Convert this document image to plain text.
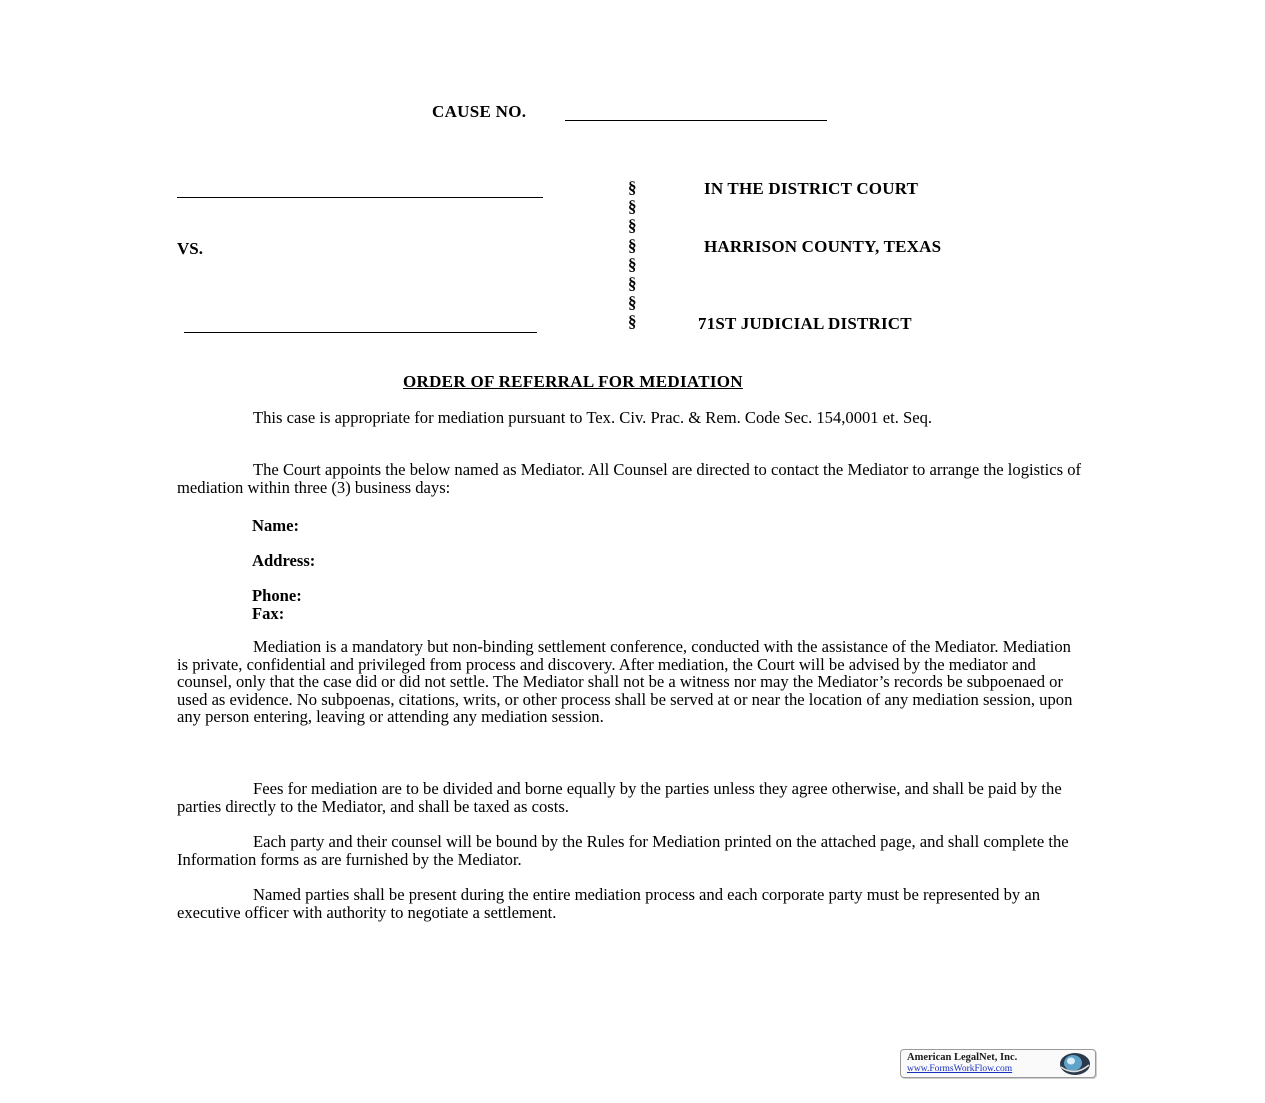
CAUSE NO.
VS.
§
§
§
§
§
§
§
§
IN THE DISTRICT COURT
HARRISON COUNTY, TEXAS
71ST JUDICIAL DISTRICT
ORDER OF REFERRAL FOR MEDIATION
This case is appropriate for mediation pursuant to Tex. Civ. Prac. & Rem. Code Sec. 154,0001 et. Seq.
The Court appoints the below named as Mediator. All Counsel are directed to contact the Mediator to arrange the logistics of mediation within three (3) business days:
Name:
Address:
Phone:
Fax:
Mediation is a mandatory but non-binding settlement conference, conducted with the assistance of the Mediator. Mediation is private, confidential and privileged from process and discovery. After mediation, the Court will be advised by the mediator and counsel, only that the case did or did not settle. The Mediator shall not be a witness nor may the Mediator’s records be subpoenaed or used as evidence. No subpoenas, citations, writs, or other process shall be served at or near the location of any mediation session, upon any person entering, leaving or attending any mediation session.
Fees for mediation are to be divided and borne equally by the parties unless they agree otherwise, and shall be paid by the parties directly to the Mediator, and shall be taxed as costs.
Each party and their counsel will be bound by the Rules for Mediation printed on the attached page, and shall complete the Information forms as are furnished by the Mediator.
Named parties shall be present during the entire mediation process and each corporate party must be represented by an executive officer with authority to negotiate a settlement.
American LegalNet, Inc.
www.FormsWorkFlow.com
